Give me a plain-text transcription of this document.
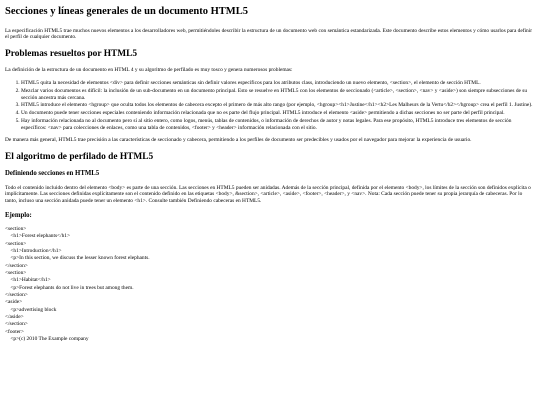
Secciones y líneas generales de un documento HTML5

La especificación HTML5 trae muchos nuevos elementos a los desarrolladores web, permitiéndoles describir la estructura de un documento web con semántica estandarizada. Este documento describe estos elementos y cómo usarlos para definir el perfil de cualquier documento.

Problemas resueltos por HTML5

La definición de la estructura de un documento en HTML 4 y su algoritmo de perfilado es muy tosco y genera numerosos problemas:

1. HTML5 quita la necesidad de elementos <div> para definir secciones semánticas sin definir valores específicos para los atributos class, introduciendo un nuevo elemento, <section>, el elemento de sección HTML.
2. Mezclar varios documentos es difícil: la inclusión de un sub-documento en un documento principal. Esto se resuelve en HTML5 con los elementos de seccionado (<article>, <section>, <nav> y <aside>) son siempre subsecciones de su sección ancestra más cercana.
3. HTML5 introduce el elemento <hgroup> que oculta todos los elementos de cabecera excepto el primero de más alto rango (por ejemplo, <hgroup><h1>Justine</h1><h2>Les Malheurs de la Vertu</h2></hgroup> crea el perfil 1. Justine).
4. Un documento puede tener secciones especiales conteniendo información relacionada que no es parte del flujo principal. HTML5 introduce el elemento <aside> permitiendo a dichas secciones no ser parte del perfil principal.
5. Hay información relacionada no al documento pero sí al sitio entero, como logos, menús, tablas de contenidos, o información de derechos de autor y notas legales. Para ese propósito, HTML5 introduce tres elementos de sección específicos: <nav> para colecciones de enlaces, como una tabla de contenidos, <footer> y <header> información relacionada con el sitio.

De manera más general, HTML5 trae precisión a las características de seccionado y cabecera, permitiendo a los perfiles de documento ser predecibles y usados por el navegador para mejorar la experiencia de usuario.

El algoritmo de perfilado de HTML5
Definiendo secciones en HTML5

Todo el contenido incluido dentro del elemento <body> es parte de una sección. Las secciones en HTML5 pueden ser anidadas. Además de la sección principal, definida por el elemento <body>, los límites de la sección son definidos explícita o implícitamente. Las secciones definidas explícitamente son el contenido definido en las etiquetas <body>, &section>, <article>, <aside>, <footer>, <header>, y <nav>. Nota: Cada sección puede tener su propia jerarquía de cabeceras. Por lo tanto, incluso una sección anidada puede tener un elemento <h1>. Consulte también Definiendo cabeceras en HTML5.

Ejemplo:
<section>
<h1>Forest elephants</h1>
<section>
<h1>Introduction</h1>
<p>In this section, we discuss the lesser known forest elephants.
</section>
<section>
<h1>Habitat</h1>
<p>Forest elephants do not live in trees but among them.
</section>
<aside>
<p>advertising block
</aside>
</section>
<footer>
<p>(c) 2010 The Example company
